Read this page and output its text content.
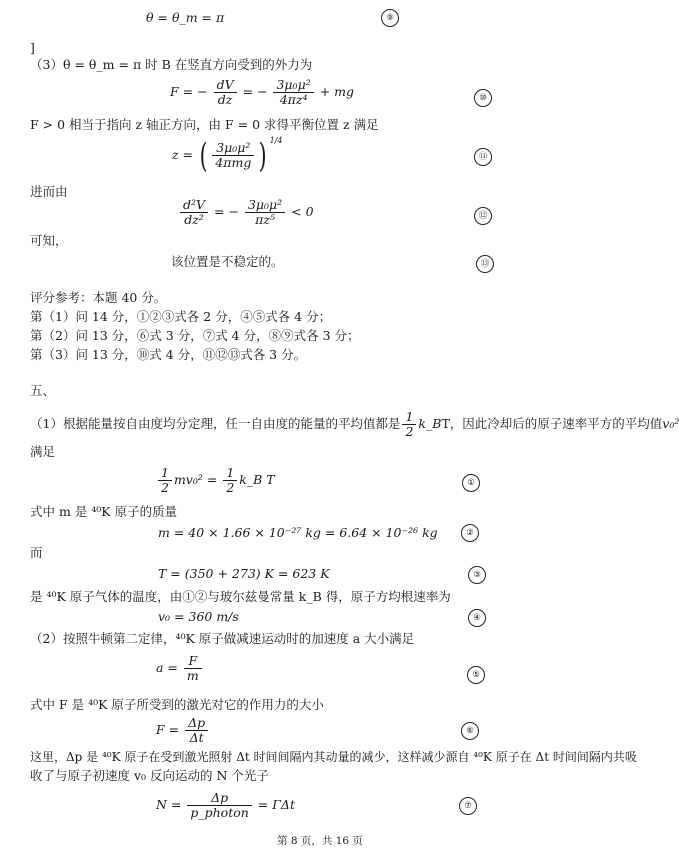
θ = θ_m = π	⑨
]
（3）θ = θ_m = π 时 B 在竖直方向受到的外力为
F = − $\frac{dV}{dz}$ = − $\frac{\text{3μ₀μ²}}{\text{4πz⁴}}$ + mg	⑩
F > 0 相当于指向 z 轴正方向，由 F = 0 求得平衡位置 z 满足
z = ( $\frac{\text{3μ₀μ²}}{\text{4πmg}}$ ) $^{1/4}$
⑪
进而由
$\frac{\text{d²V}}{\text{dz²}}$ = − $\frac{\text{3μ₀μ²}}{\text{πz⁵}} < 0$	⑫
可知，
该位置是不稳定的。	⑬
评分参考：本题 40 分。
第（1）问 14 分，①②③式各 2 分，④⑤式各 4 分；
第（2）问 13 分，⑥式 3 分，⑦式 4 分，⑧⑨式各 3 分；
第（3）问 13 分，⑩式 4 分，⑪⑫⑬式各 3 分。
五、
（1）根据能量按自由度均分定理，任一自由度的能量的平均值都是 $\frac{1}{2}$ k_BT，因此冷却后的原子速率平方的平均值v₀²
满足
$\frac{1}{2} mv_0^2 = \frac{1}{2}$ k_B T	①
式中 m 是 ⁴⁰K 原子的质量
m = 40 × 1.66 × 10⁻²⁷ kg = 6.64 × 10⁻²⁶ kg	②
而
T = (350 + 273) K = 623 K	③
是 ⁴⁰K 原子气体的温度，由①②与玻尔兹曼常量 k_B 得，原子方均根速率为
v₀ = 360 m/s	④
（2）按照牛顿第二定律，⁴⁰K 原子做减速运动时的加速度 a 大小满足
$a = \frac{F}{m}$	⑤
式中 F 是 ⁴⁰K 原子所受到的激光对它的作用力的大小
$F = \frac{\Delta p}{\Delta t}$	⑥
这里，Δp 是 ⁴⁰K 原子在受到激光照射 Δt 时间间隔内其动量的减少，这样减少源自 ⁴⁰K 原子在 Δt 时间间隔内共吸
收了与原子初速度 v₀ 反向运动的 N 个光子
$N = \frac{\Delta p}{\text{p\_photon}} = \Gamma\Delta t$	⑦
第 8 页，共 16 页
